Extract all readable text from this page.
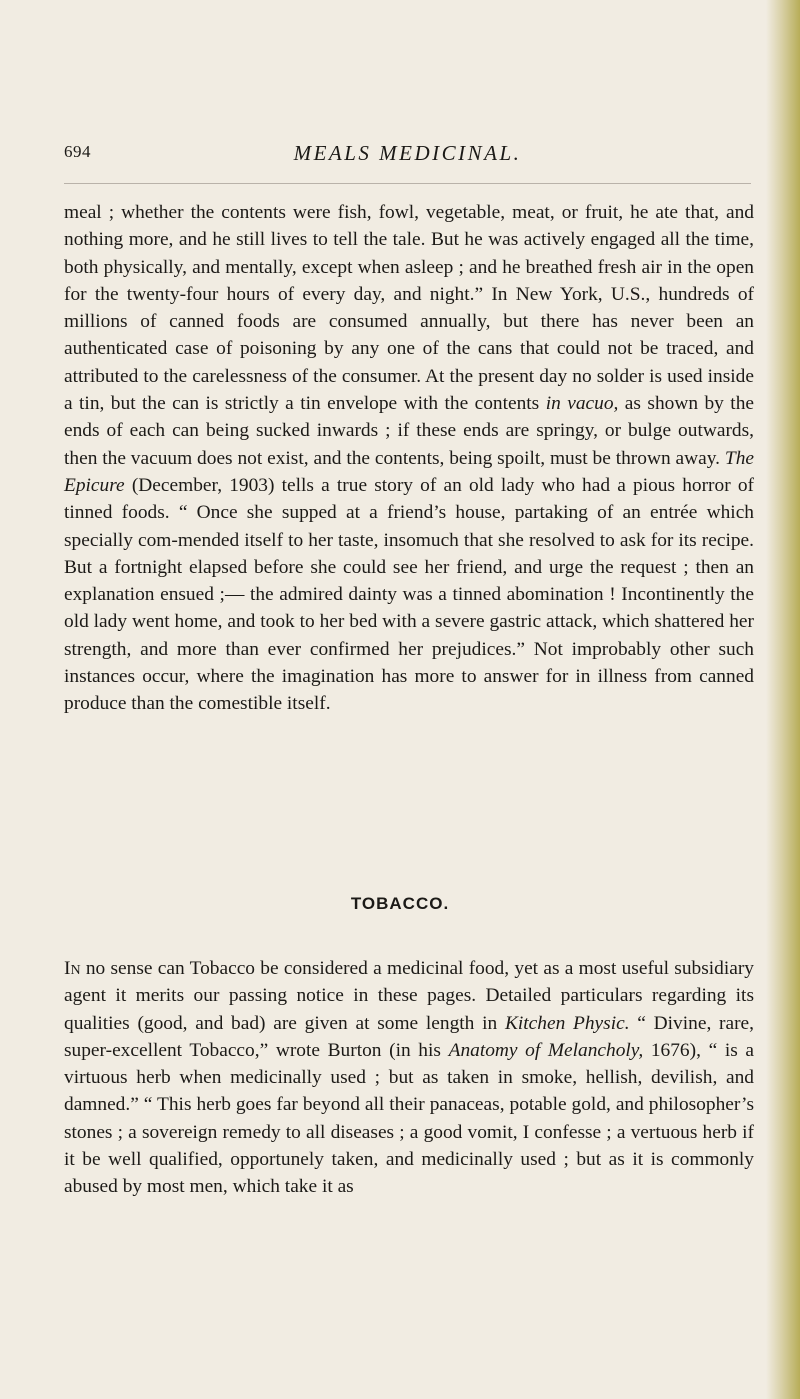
694	MEALS MEDICINAL.

meal ; whether the contents were fish, fowl, vegetable, meat, or fruit, he ate that, and nothing more, and he still lives to tell the tale. But he was actively engaged all the time, both physically, and mentally, except when asleep ; and he breathed fresh air in the open for the twenty-four hours of every day, and night.” In New York, U.S., hundreds of millions of canned foods are consumed annually, but there has never been an authenticated case of poisoning by any one of the cans that could not be traced, and attributed to the carelessness of the consumer. At the present day no solder is used inside a tin, but the can is strictly a tin envelope with the contents in vacuo, as shown by the ends of each can being sucked inwards ; if these ends are springy, or bulge outwards, then the vacuum does not exist, and the contents, being spoilt, must be thrown away. The Epicure (December, 1903) tells a true story of an old lady who had a pious horror of tinned foods. “ Once she supped at a friend’s house, partaking of an entrée which specially com-mended itself to her taste, insomuch that she resolved to ask for its recipe. But a fortnight elapsed before she could see her friend, and urge the request ; then an explanation ensued ;— the admired dainty was a tinned abomination ! Incontinently the old lady went home, and took to her bed with a severe gastric attack, which shattered her strength, and more than ever confirmed her prejudices.” Not improbably other such instances occur, where the imagination has more to answer for in illness from canned produce than the comestible itself.

TOBACCO.

In no sense can Tobacco be considered a medicinal food, yet as a most useful subsidiary agent it merits our passing notice in these pages. Detailed particulars regarding its qualities (good, and bad) are given at some length in Kitchen Physic. “ Divine, rare, super-excellent Tobacco,” wrote Burton (in his Anatomy of Melancholy, 1676), “ is a virtuous herb when medicinally used ; but as taken in smoke, hellish, devilish, and damned.” “ This herb goes far beyond all their panaceas, potable gold, and philosopher’s stones ; a sovereign remedy to all diseases ; a good vomit, I confesse ; a vertuous herb if it be well qualified, opportunely taken, and medicinally used ; but as it is commonly abused by most men, which take it as
